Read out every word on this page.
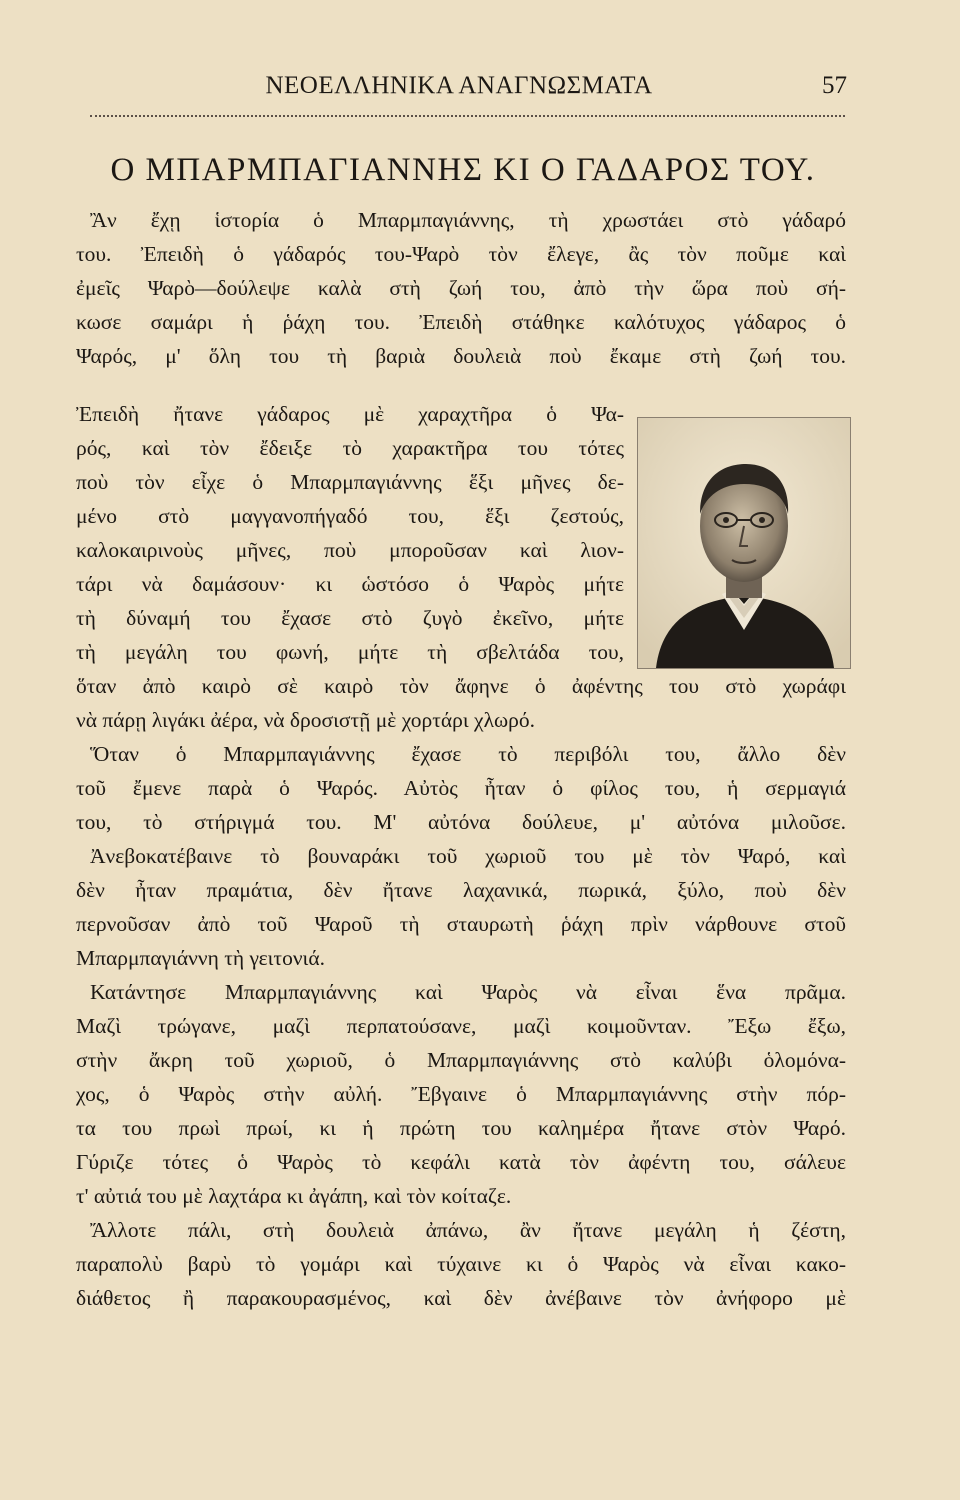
ΝΕΟΕΛΛΗΝΙΚΑ ΑΝΑΓΝΩΣΜΑΤΑ	57
Ο ΜΠΑΡΜΠΑΓΙΑΝΝΗΣ ΚΙ Ο ΓΑΔΑΡΟΣ ΤΟΥ.
Ἂν ἔχῃ ἱστορία ὁ Μπαρμπαγιάννης, τὴ χρωστάει στὸ γάδαρό
του. Ἐπειδὴ ὁ γάδαρός του-Ψαρὸ τὸν ἔλεγε, ἂς τὸν ποῦμε καὶ
ἐμεῖς Ψαρὸ—δούλεψε καλὰ στὴ ζωή του, ἀπὸ τὴν ὥρα ποὺ σή-
κωσε σαμάρι ἡ ῥάχη του. Ἐπειδὴ στάθηκε καλότυχος γάδαρος ὁ
Ψαρός, μ' ὅλη του τὴ βαριὰ δουλειὰ ποὺ ἔκαμε στὴ ζωή του.
Ἐπειδὴ ἤτανε γάδαρος μὲ χαραχτῆρα ὁ Ψα-
ρός, καὶ τὸν ἔδειξε τὸ χαρακτῆρα του τότες
ποὺ τὸν εἶχε ὁ Μπαρμπαγιάννης ἕξι μῆνες δε-
μένο στὸ μαγγανοπήγαδό του, ἕξι ζεστούς,
καλοκαιρινοὺς μῆνες, ποὺ μποροῦσαν καὶ λιον-
τάρι νὰ δαμάσουν· κι ὡστόσο ὁ Ψαρὸς μήτε
τὴ δύναμή του ἔχασε στὸ ζυγὸ ἐκεῖνο, μήτε
τὴ μεγάλη του φωνή, μήτε τὴ σβελτάδα του,
ὅταν ἀπὸ καιρὸ σὲ καιρὸ τὸν ἄφηνε ὁ ἀφέντης του στὸ χωράφι
νὰ πάρῃ λιγάκι ἀέρα, νὰ δροσιστῇ μὲ χορτάρι χλωρό.
Ὅταν ὁ Μπαρμπαγιάννης ἔχασε τὸ περιβόλι του, ἄλλο δὲν
τοῦ ἔμενε παρὰ ὁ Ψαρός. Αὐτὸς ἦταν ὁ φίλος του, ἡ σερμαγιά
του, τὸ στήριγμά του. Μ' αὐτόνα δούλευε, μ' αὐτόνα μιλοῦσε.
Ἀνεβοκατέβαινε τὸ βουναράκι τοῦ χωριοῦ του μὲ τὸν Ψαρό, καὶ
δὲν ἦταν πραμάτια, δὲν ἤτανε λαχανικά, πωρικά, ξύλο, ποὺ δὲν
περνοῦσαν ἀπὸ τοῦ Ψαροῦ τὴ σταυρωτὴ ῥάχη πρὶν νάρθουνε στοῦ
Μπαρμπαγιάννη τὴ γειτονιά.
Κατάντησε Μπαρμπαγιάννης καὶ Ψαρὸς νὰ εἶναι ἕνα πρᾶμα.
Μαζὶ τρώγανε, μαζὶ περπατούσανε, μαζὶ κοιμοῦνταν. Ἔξω ἔξω,
στὴν ἄκρη τοῦ χωριοῦ, ὁ Μπαρμπαγιάννης στὸ καλύβι ὁλομόνα-
χος, ὁ Ψαρὸς στὴν αὐλή. Ἔβγαινε ὁ Μπαρμπαγιάννης στὴν πόρ-
τα του πρωὶ πρωί, κι ἡ πρώτη του καλημέρα ἤτανε στὸν Ψαρό.
Γύριζε τότες ὁ Ψαρὸς τὸ κεφάλι κατὰ τὸν ἀφέντη του, σάλευε
τ' αὐτιά του μὲ λαχτάρα κι ἀγάπη, καὶ τὸν κοίταζε.
Ἄλλοτε πάλι, στὴ δουλειὰ ἀπάνω, ἂν ἤτανε μεγάλη ἡ ζέστη,
παραπολὺ βαρὺ τὸ γομάρι καὶ τύχαινε κι ὁ Ψαρὸς νὰ εἶναι κακο-
διάθετος ἢ παρακουρασμένος, καὶ δὲν ἀνέβαινε τὸν ἀνήφορο μὲ
